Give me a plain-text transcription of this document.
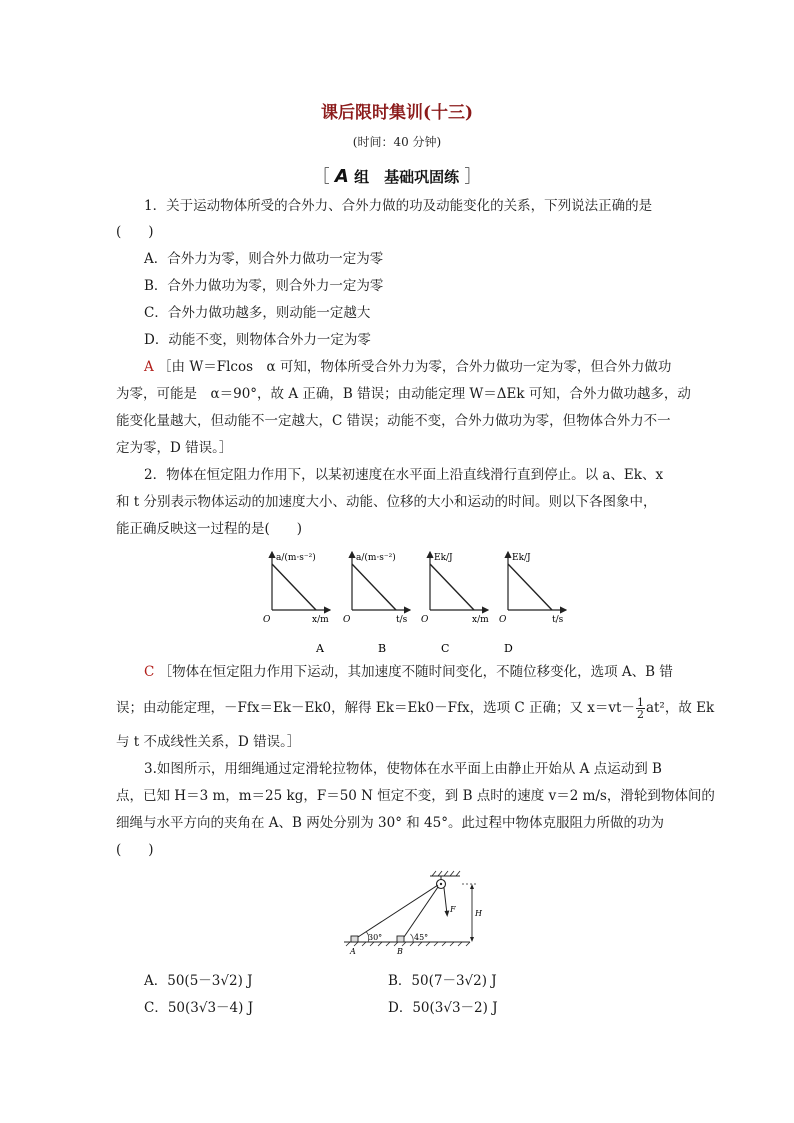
课后限时集训(十三)
(时间：40 分钟)
［ A 组　基础巩固练 ］
1．关于运动物体所受的合外力、合外力做的功及动能变化的关系，下列说法正确的是
(　　)
A．合外力为零，则合外力做功一定为零
B．合外力做功为零，则合外力一定为零
C．合外力做功越多，则动能一定越大
D．动能不变，则物体合外力一定为零
A ［由 W＝Flcos　α 可知，物体所受合外力为零，合外力做功一定为零，但合外力做功
为零，可能是　α＝90°，故 A 正确，B 错误；由动能定理 W＝ΔEk 可知，合外力做功越多，动
能变化量越大，但动能不一定越大，C 错误；动能不变，合外力做功为零，但物体合外力不一
定为零，D 错误。］
2．物体在恒定阻力作用下，以某初速度在水平面上沿直线滑行直到停止。以 a、Ek、x
和 t 分别表示物体运动的加速度大小、动能、位移的大小和运动的时间。则以下各图象中，
能正确反映这一过程的是(　　)
a/(m·s⁻²)
x/m
O
A
a/(m·s⁻²)
t/s
O
B
Ek/J
x/m
O
C
Ek/J
t/s
O
D
C ［物体在恒定阻力作用下运动，其加速度不随时间变化，不随位移变化，选项 A、B 错
误；由动能定理，－Ffx＝Ek－Ek0，解得 Ek＝Ek0－Ffx，选项 C 正确；又 $x=vt- \frac{1}{2} at^2$，故 Ek
与 t 不成线性关系，D 错误。］
3.如图所示，用细绳通过定滑轮拉物体，使物体在水平面上由静止开始从 A 点运动到 B
点，已知 H＝3 m，m＝25 kg，F＝50 N 恒定不变，到 B 点时的速度 v＝2 m/s，滑轮到物体间的
细绳与水平方向的夹角在 A、B 两处分别为 30° 和 45°。此过程中物体克服阻力所做的功为
(　　)
F H
30°	45°
A	B
A．50(5－3√2) J	B．50(7－3√2) J
C．50(3√3－4) J	D．50(3√3－2) J
